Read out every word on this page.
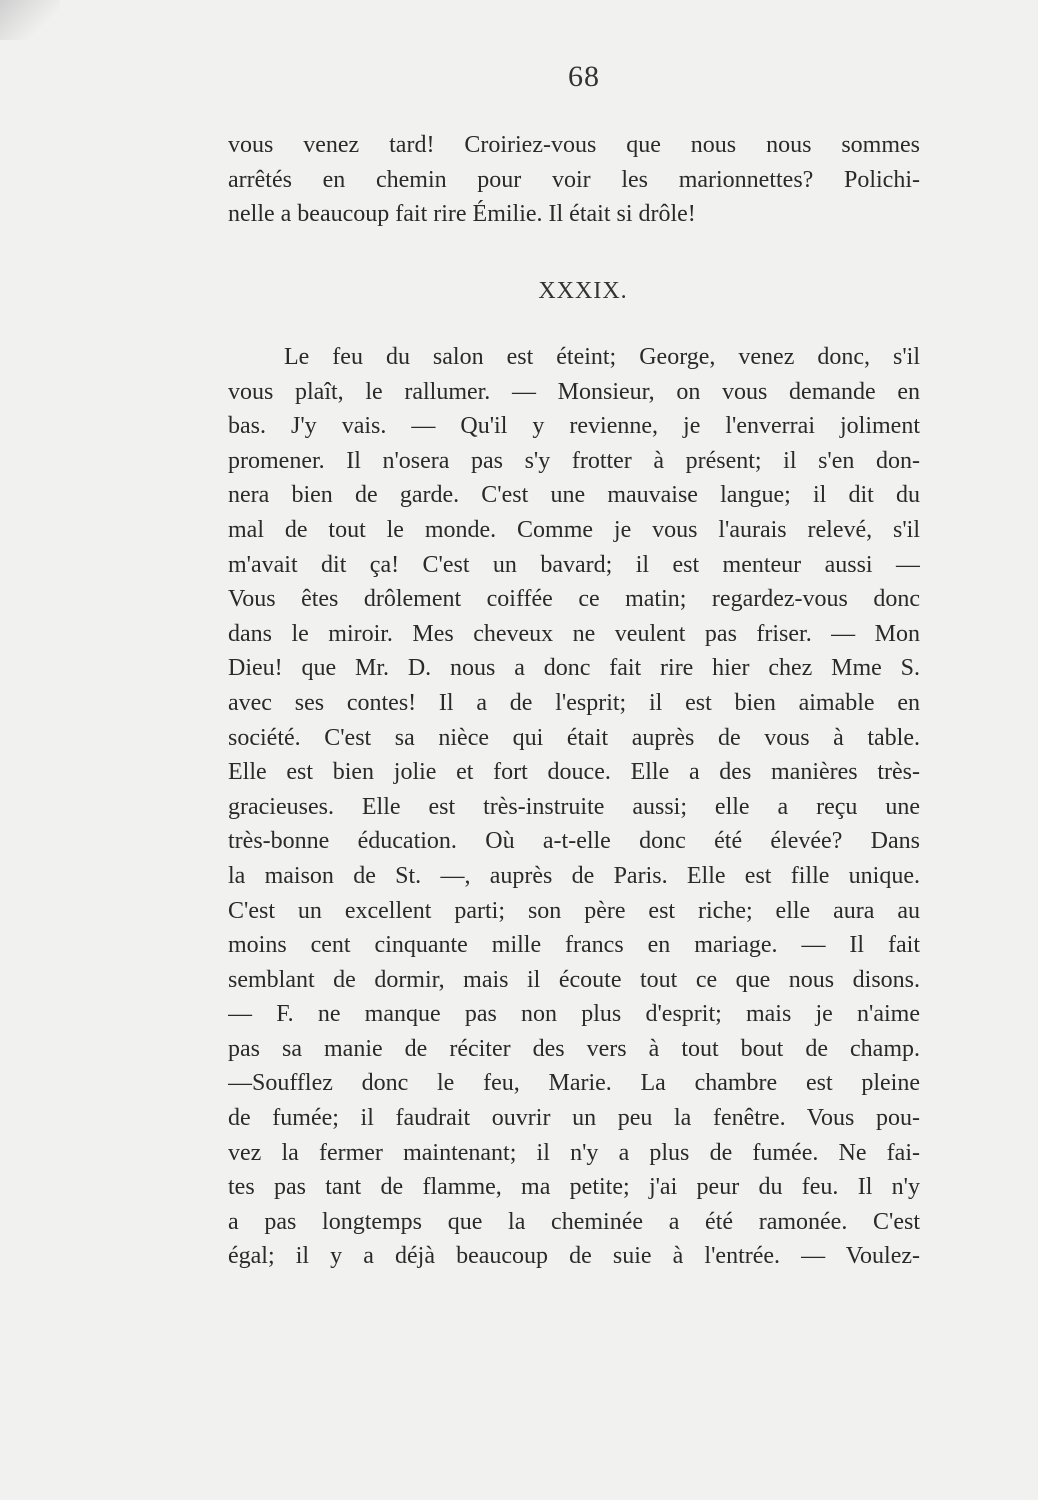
68
vous venez tard! Croiriez-vous que nous nous sommes
arrêtés en chemin pour voir les marionnettes? Polichi-
nelle a beaucoup fait rire Émilie. Il était si drôle!
XXXIX.
Le feu du salon est éteint; George, venez donc, s'il
vous plaît, le rallumer. — Monsieur, on vous demande en
bas. J'y vais. — Qu'il y revienne, je l'enverrai joliment
promener. Il n'osera pas s'y frotter à présent; il s'en don-
nera bien de garde. C'est une mauvaise langue; il dit du
mal de tout le monde. Comme je vous l'aurais relevé, s'il
m'avait dit ça! C'est un bavard; il est menteur aussi —
Vous êtes drôlement coiffée ce matin; regardez-vous donc
dans le miroir. Mes cheveux ne veulent pas friser. — Mon
Dieu! que Mr. D. nous a donc fait rire hier chez Mme S.
avec ses contes! Il a de l'esprit; il est bien aimable en
société. C'est sa nièce qui était auprès de vous à table.
Elle est bien jolie et fort douce. Elle a des manières très-
gracieuses. Elle est très-instruite aussi; elle a reçu une
très-bonne éducation. Où a-t-elle donc été élevée? Dans
la maison de St. —, auprès de Paris. Elle est fille unique.
C'est un excellent parti; son père est riche; elle aura au
moins cent cinquante mille francs en mariage. — Il fait
semblant de dormir, mais il écoute tout ce que nous disons.
— F. ne manque pas non plus d'esprit; mais je n'aime
pas sa manie de réciter des vers à tout bout de champ.
—Soufflez donc le feu, Marie. La chambre est pleine
de fumée; il faudrait ouvrir un peu la fenêtre. Vous pou-
vez la fermer maintenant; il n'y a plus de fumée. Ne fai-
tes pas tant de flamme, ma petite; j'ai peur du feu. Il n'y
a pas longtemps que la cheminée a été ramonée. C'est
égal; il y a déjà beaucoup de suie à l'entrée. — Voulez-
